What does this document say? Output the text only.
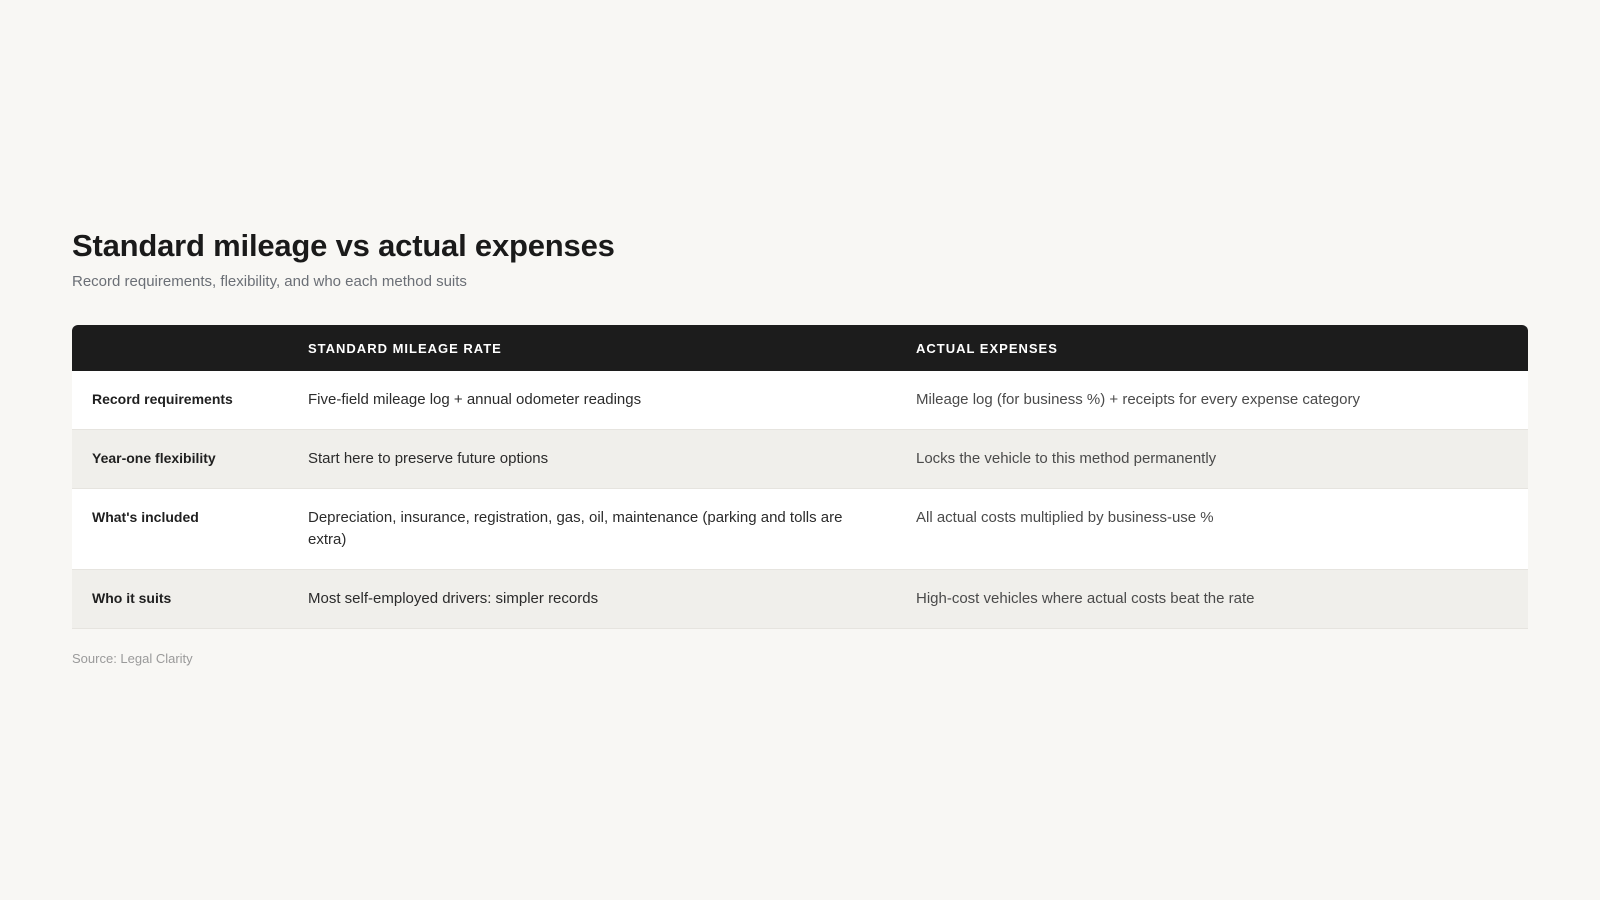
Standard mileage vs actual expenses

Record requirements, flexibility, and who each method suits

	STANDARD MILEAGE RATE	ACTUAL EXPENSES
Record requirements	Five-field mileage log + annual odometer readings	Mileage log (for business %) + receipts for every expense category
Year-one flexibility	Start here to preserve future options	Locks the vehicle to this method permanently
What's included	Depreciation, insurance, registration, gas, oil, maintenance (parking and tolls are extra)	All actual costs multiplied by business-use %
Who it suits	Most self-employed drivers: simpler records	High-cost vehicles where actual costs beat the rate
Source: Legal Clarity
